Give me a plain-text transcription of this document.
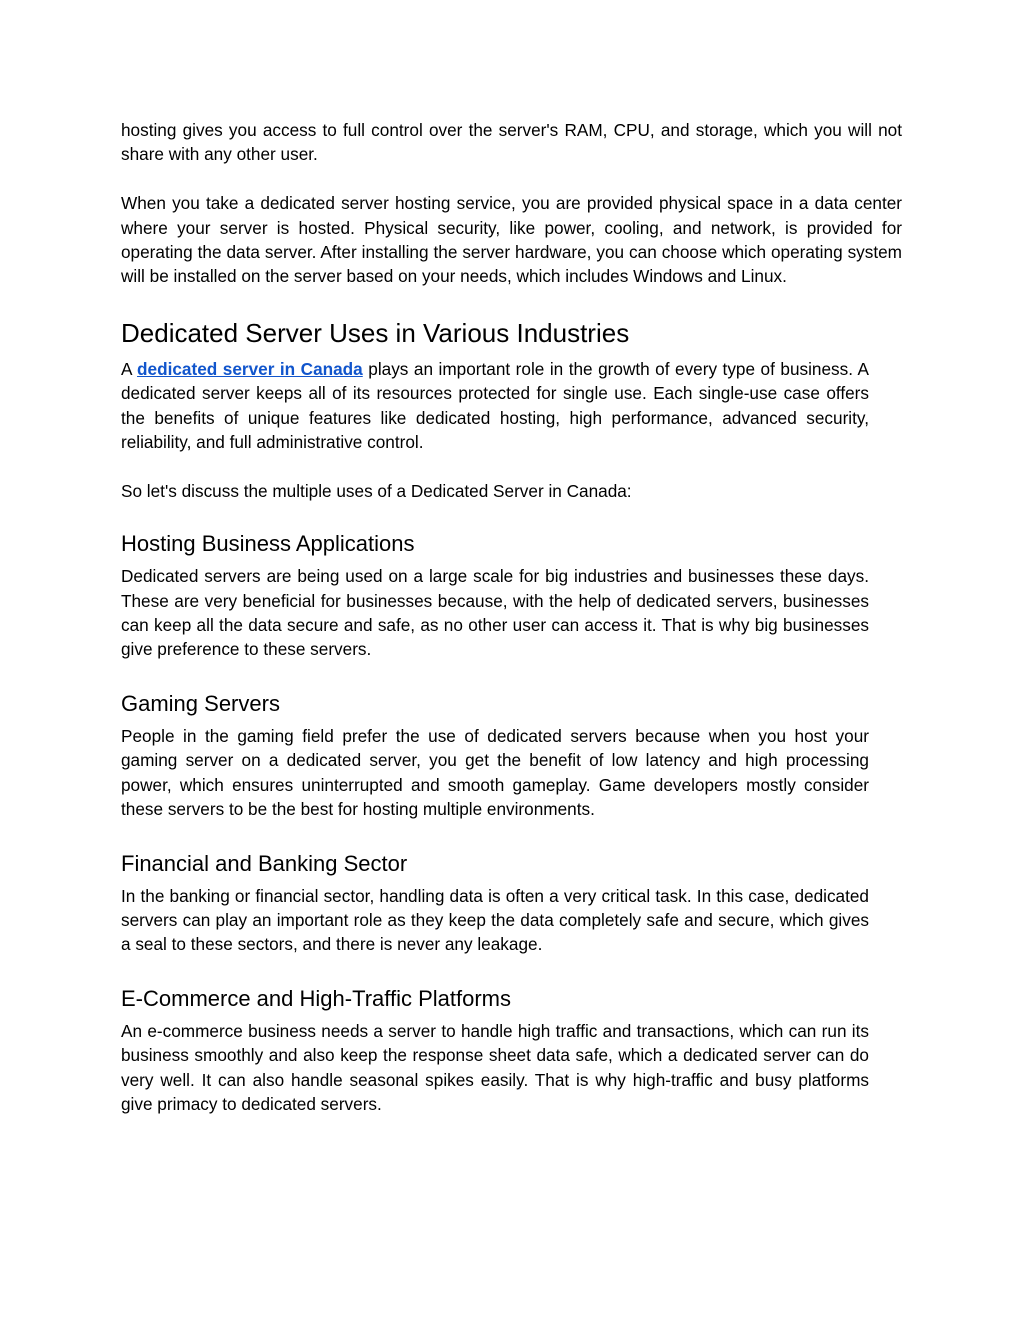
hosting gives you access to full control over the server's RAM, CPU, and storage, which you will not share with any other user.

When you take a dedicated server hosting service, you are provided physical space in a data center where your server is hosted. Physical security, like power, cooling, and network, is provided for operating the data server. After installing the server hardware, you can choose which operating system will be installed on the server based on your needs, which includes Windows and Linux.

Dedicated Server Uses in Various Industries

A dedicated server in Canada plays an important role in the growth of every type of business. A dedicated server keeps all of its resources protected for single use. Each single-use case offers the benefits of unique features like dedicated hosting, high performance, advanced security, reliability, and full administrative control.

So let's discuss the multiple uses of a Dedicated Server in Canada:

Hosting Business Applications

Dedicated servers are being used on a large scale for big industries and businesses these days. These are very beneficial for businesses because, with the help of dedicated servers, businesses can keep all the data secure and safe, as no other user can access it. That is why big businesses give preference to these servers.

Gaming Servers

People in the gaming field prefer the use of dedicated servers because when you host your gaming server on a dedicated server, you get the benefit of low latency and high processing power, which ensures uninterrupted and smooth gameplay. Game developers mostly consider these servers to be the best for hosting multiple environments.

Financial and Banking Sector

In the banking or financial sector, handling data is often a very critical task. In this case, dedicated servers can play an important role as they keep the data completely safe and secure, which gives a seal to these sectors, and there is never any leakage.

E-Commerce and High-Traffic Platforms

An e-commerce business needs a server to handle high traffic and transactions, which can run its business smoothly and also keep the response sheet data safe, which a dedicated server can do very well. It can also handle seasonal spikes easily. That is why high-traffic and busy platforms give primacy to dedicated servers.
